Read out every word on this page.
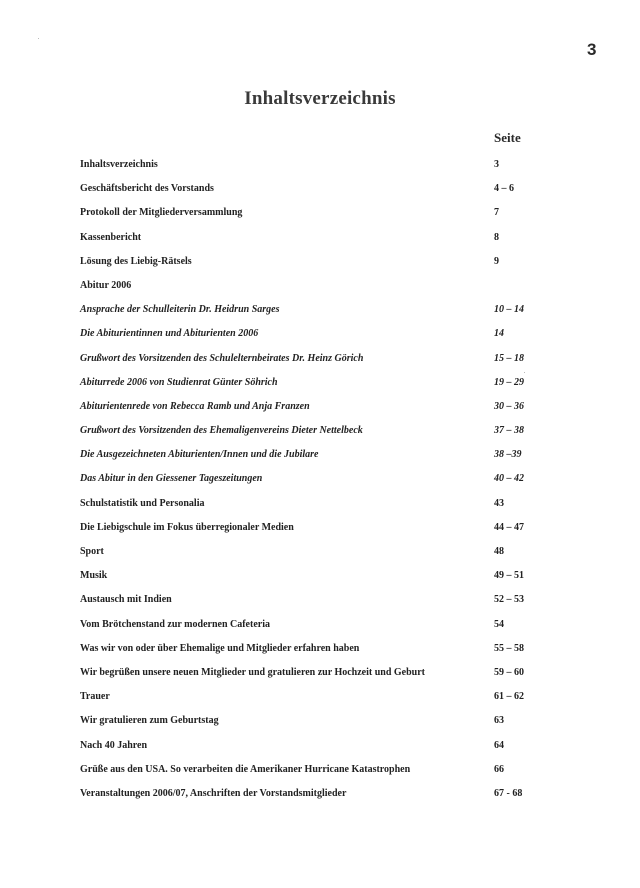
3
Inhaltsverzeichnis
Seite
Inhaltsverzeichnis	3
Geschäftsbericht des Vorstands	4 – 6
Protokoll der Mitgliederversammlung	7
Kassenbericht	8
Lösung des Liebig-Rätsels	9
Abitur 2006
Ansprache der Schulleiterin Dr. Heidrun Sarges	10 – 14
Die Abiturientinnen und Abiturienten 2006	14
Grußwort des Vorsitzenden des Schulelternbeirates Dr. Heinz Görich	15 – 18
Abiturrede 2006 von Studienrat Günter Söhrich	19 – 29
Abiturientenrede von Rebecca Ramb und Anja Franzen	30 – 36
Grußwort des Vorsitzenden des Ehemaligenvereins Dieter Nettelbeck	37 – 38
Die Ausgezeichneten Abiturienten/Innen und die Jubilare	38 –39
Das Abitur in den Giessener Tageszeitungen	40 – 42
Schulstatistik und Personalia	43
Die Liebigschule im Fokus überregionaler Medien	44 – 47
Sport	48
Musik	49 – 51
Austausch mit Indien	52 – 53
Vom Brötchenstand zur modernen Cafeteria	54
Was wir von oder über Ehemalige und Mitglieder erfahren haben	55 – 58
Wir begrüßen unsere neuen Mitglieder und gratulieren zur Hochzeit und Geburt	59 – 60
Trauer	61 – 62
Wir gratulieren zum Geburtstag	63
Nach 40 Jahren	64
Grüße aus den USA. So verarbeiten die Amerikaner Hurricane Katastrophen	66
Veranstaltungen 2006/07, Anschriften der Vorstandsmitglieder	67 - 68
